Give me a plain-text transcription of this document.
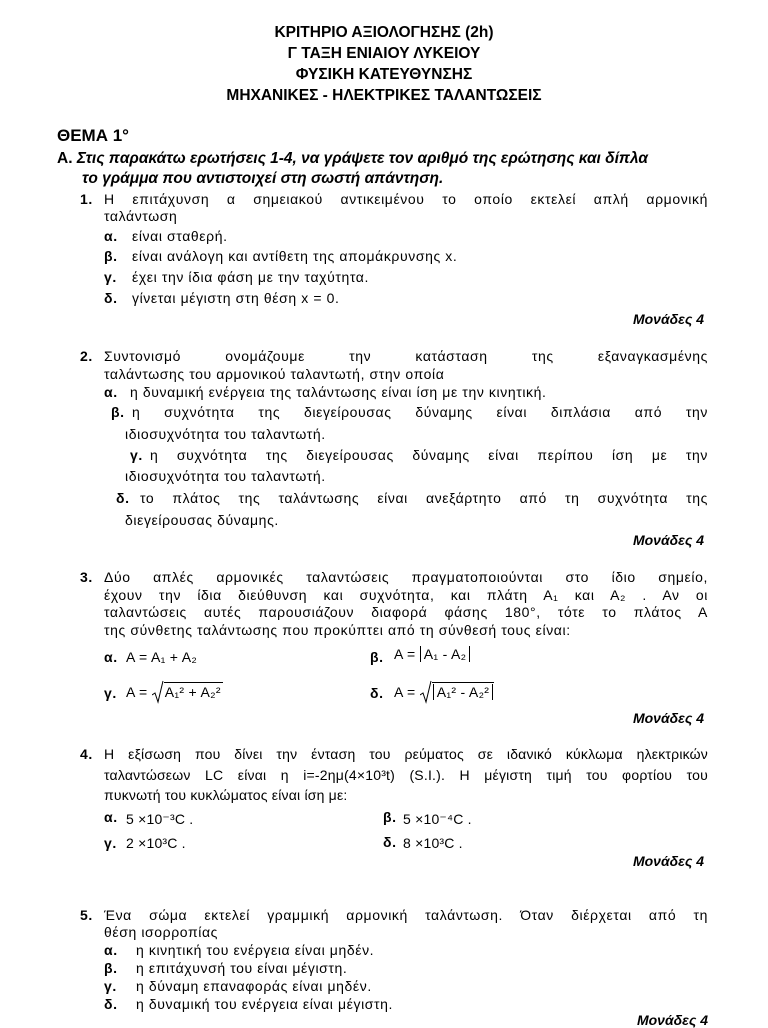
ΚΡΙΤΗΡΙΟ ΑΞΙΟΛΟΓΗΣΗΣ (2h)
Γ ΤΑΞΗ ΕΝΙΑΙΟΥ ΛΥΚΕΙΟΥ
ΦΥΣΙΚΗ ΚΑΤΕΥΘΥΝΣΗΣ
ΜΗΧΑΝΙΚΕΣ - ΗΛΕΚΤΡΙΚΕΣ ΤΑΛΑΝΤΩΣΕΙΣ
ΘΕΜΑ 1°
Α. Στις παρακάτω ερωτήσεις 1-4, να γράψετε τον αριθμό της ερώτησης και δίπλα
το γράμμα που αντιστοιχεί στη σωστή απάντηση.
1. Η επιτάχυνση α σημειακού αντικειμένου το οποίο εκτελεί απλή αρμονική
ταλάντωση
α. είναι σταθερή.
β. είναι ανάλογη και αντίθετη της απομάκρυνσης x.
γ. έχει την ίδια φάση με την ταχύτητα.
δ. γίνεται μέγιστη στη θέση x = 0.
Μονάδες 4
2. Συντονισμό ονομάζουμε την κατάσταση της εξαναγκασμένης
ταλάντωσης του αρμονικού ταλαντωτή, στην οποία
α. η δυναμική ενέργεια της ταλάντωσης είναι ίση με την κινητική.
β. η συχνότητα της διεγείρουσας δύναμης είναι διπλάσια από την
ιδιοσυχνότητα του ταλαντωτή.
γ. η συχνότητα της διεγείρουσας δύναμης είναι περίπου ίση με την
ιδιοσυχνότητα του ταλαντωτή.
δ. το πλάτος της ταλάντωσης είναι ανεξάρτητο από τη συχνότητα της
διεγείρουσας δύναμης.
Μονάδες 4
3. Δύο απλές αρμονικές ταλαντώσεις πραγματοποιούνται στο ίδιο σημείο,
έχουν την ίδια διεύθυνση και συχνότητα, και πλάτη Α₁ και Α₂ . Αν οι
ταλαντώσεις αυτές παρουσιάζουν διαφορά φάσης 180°, τότε το πλάτος Α
της σύνθετης ταλάντωσης που προκύπτει από τη σύνθεσή τους είναι:
α. Α = Α₁ + Α₂	β. Α = Α₁ - Α₂
γ. Α = A₁² + A₂²	δ. Α = A₁² - A₂²
Μονάδες 4
4. Η εξίσωση που δίνει την ένταση του ρεύματος σε ιδανικό κύκλωμα ηλεκτρικών
ταλαντώσεων LC είναι η i=-2ημ(4×10³t) (S.I.). Η μέγιστη τιμή του φορτίου του
πυκνωτή του κυκλώματος είναι ίση με:
α. 5 ×10⁻³C .	β. 5 ×10⁻⁴C .
γ. 2 ×10³C .	δ. 8 ×10³C .
Μονάδες 4
5. Ένα σώμα εκτελεί γραμμική αρμονική ταλάντωση. Όταν διέρχεται από τη
θέση ισορροπίας
α. η κινητική του ενέργεια είναι μηδέν.
β. η επιτάχυνσή του είναι μέγιστη.
γ. η δύναμη επαναφοράς είναι μηδέν.
δ. η δυναμική του ενέργεια είναι μέγιστη.
Μονάδες 4
